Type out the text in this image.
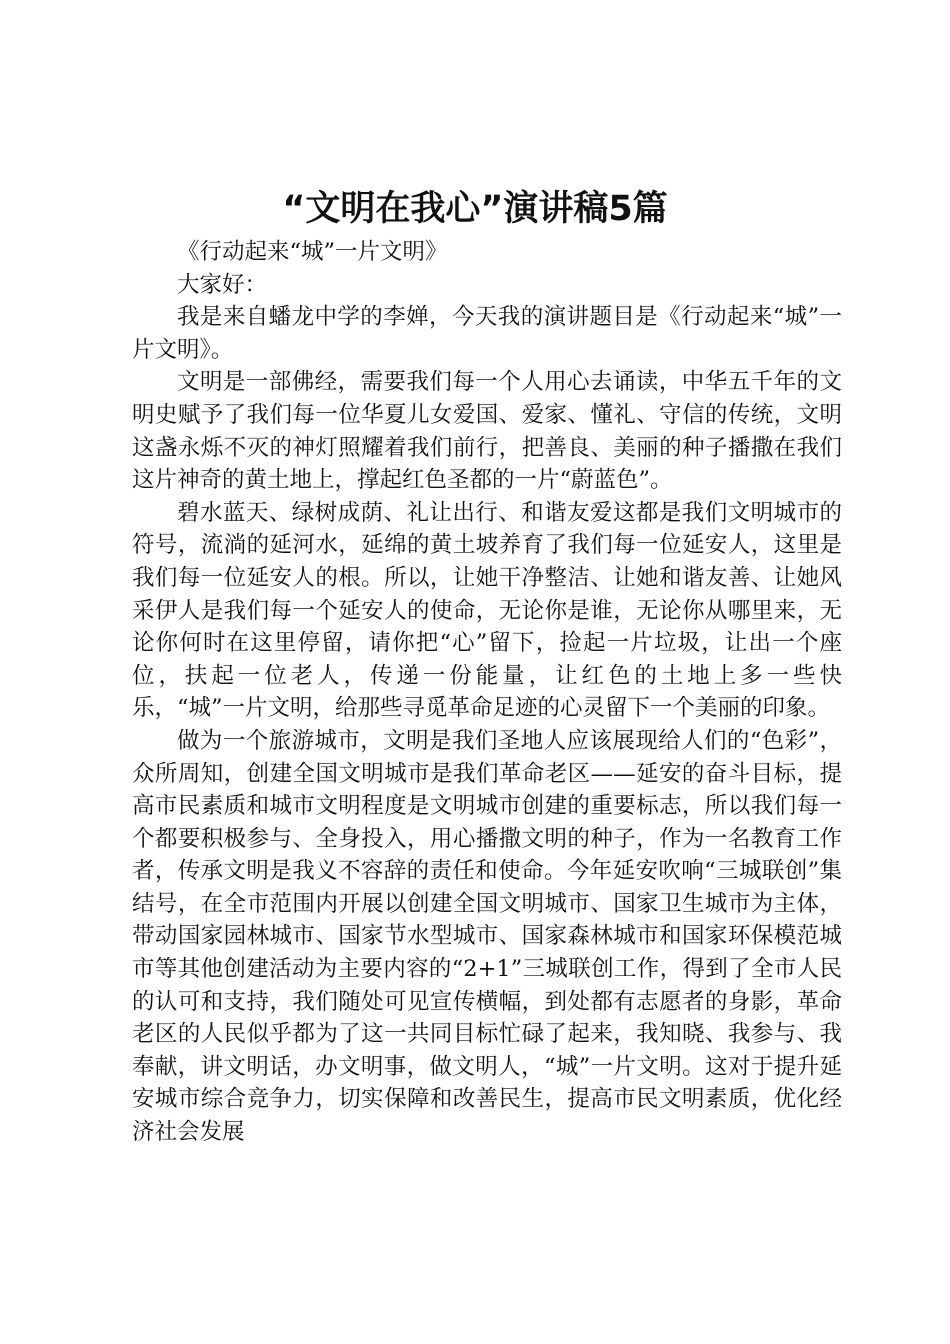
“文明在我心”演讲稿5篇

《行动起来“城”一片文明》

大家好：

我是来自蟠龙中学的李婵，今天我的演讲题目是《行动起来“城”一片文明》。

文明是一部佛经，需要我们每一个人用心去诵读，中华五千年的文明史赋予了我们每一位华夏儿女爱国、爱家、懂礼、守信的传统，文明这盏永烁不灭的神灯照耀着我们前行，把善良、美丽的种子播撒在我们这片神奇的黄土地上，撑起红色圣都的一片“蔚蓝色”。

碧水蓝天、绿树成荫、礼让出行、和谐友爱这都是我们文明城市的符号，流淌的延河水，延绵的黄土坡养育了我们每一位延安人，这里是我们每一位延安人的根。所以，让她干净整洁、让她和谐友善、让她风采伊人是我们每一个延安人的使命，无论你是谁，无论你从哪里来，无论你何时在这里停留，请你把“心”留下，捡起一片垃圾，让出一个座位，扶起一位老人，传递一份能量，让红色的土地上多一些快乐，“城”一片文明，给那些寻觅革命足迹的心灵留下一个美丽的印象。

做为一个旅游城市，文明是我们圣地人应该展现给人们的“色彩”，众所周知，创建全国文明城市是我们革命老区——延安的奋斗目标，提高市民素质和城市文明程度是文明城市创建的重要标志，所以我们每一个都要积极参与、全身投入，用心播撒文明的种子，作为一名教育工作者，传承文明是我义不容辞的责任和使命。今年延安吹响“三城联创”集结号，在全市范围内开展以创建全国文明城市、国家卫生城市为主体，带动国家园林城市、国家节水型城市、国家森林城市和国家环保模范城市等其他创建活动为主要内容的“2+1”三城联创工作，得到了全市人民的认可和支持，我们随处可见宣传横幅，到处都有志愿者的身影，革命老区的人民似乎都为了这一共同目标忙碌了起来，我知晓、我参与、我奉献，讲文明话，办文明事，做文明人，“城”一片文明。这对于提升延安城市综合竞争力，切实保障和改善民生，提高市民文明素质，优化经济社会发展
